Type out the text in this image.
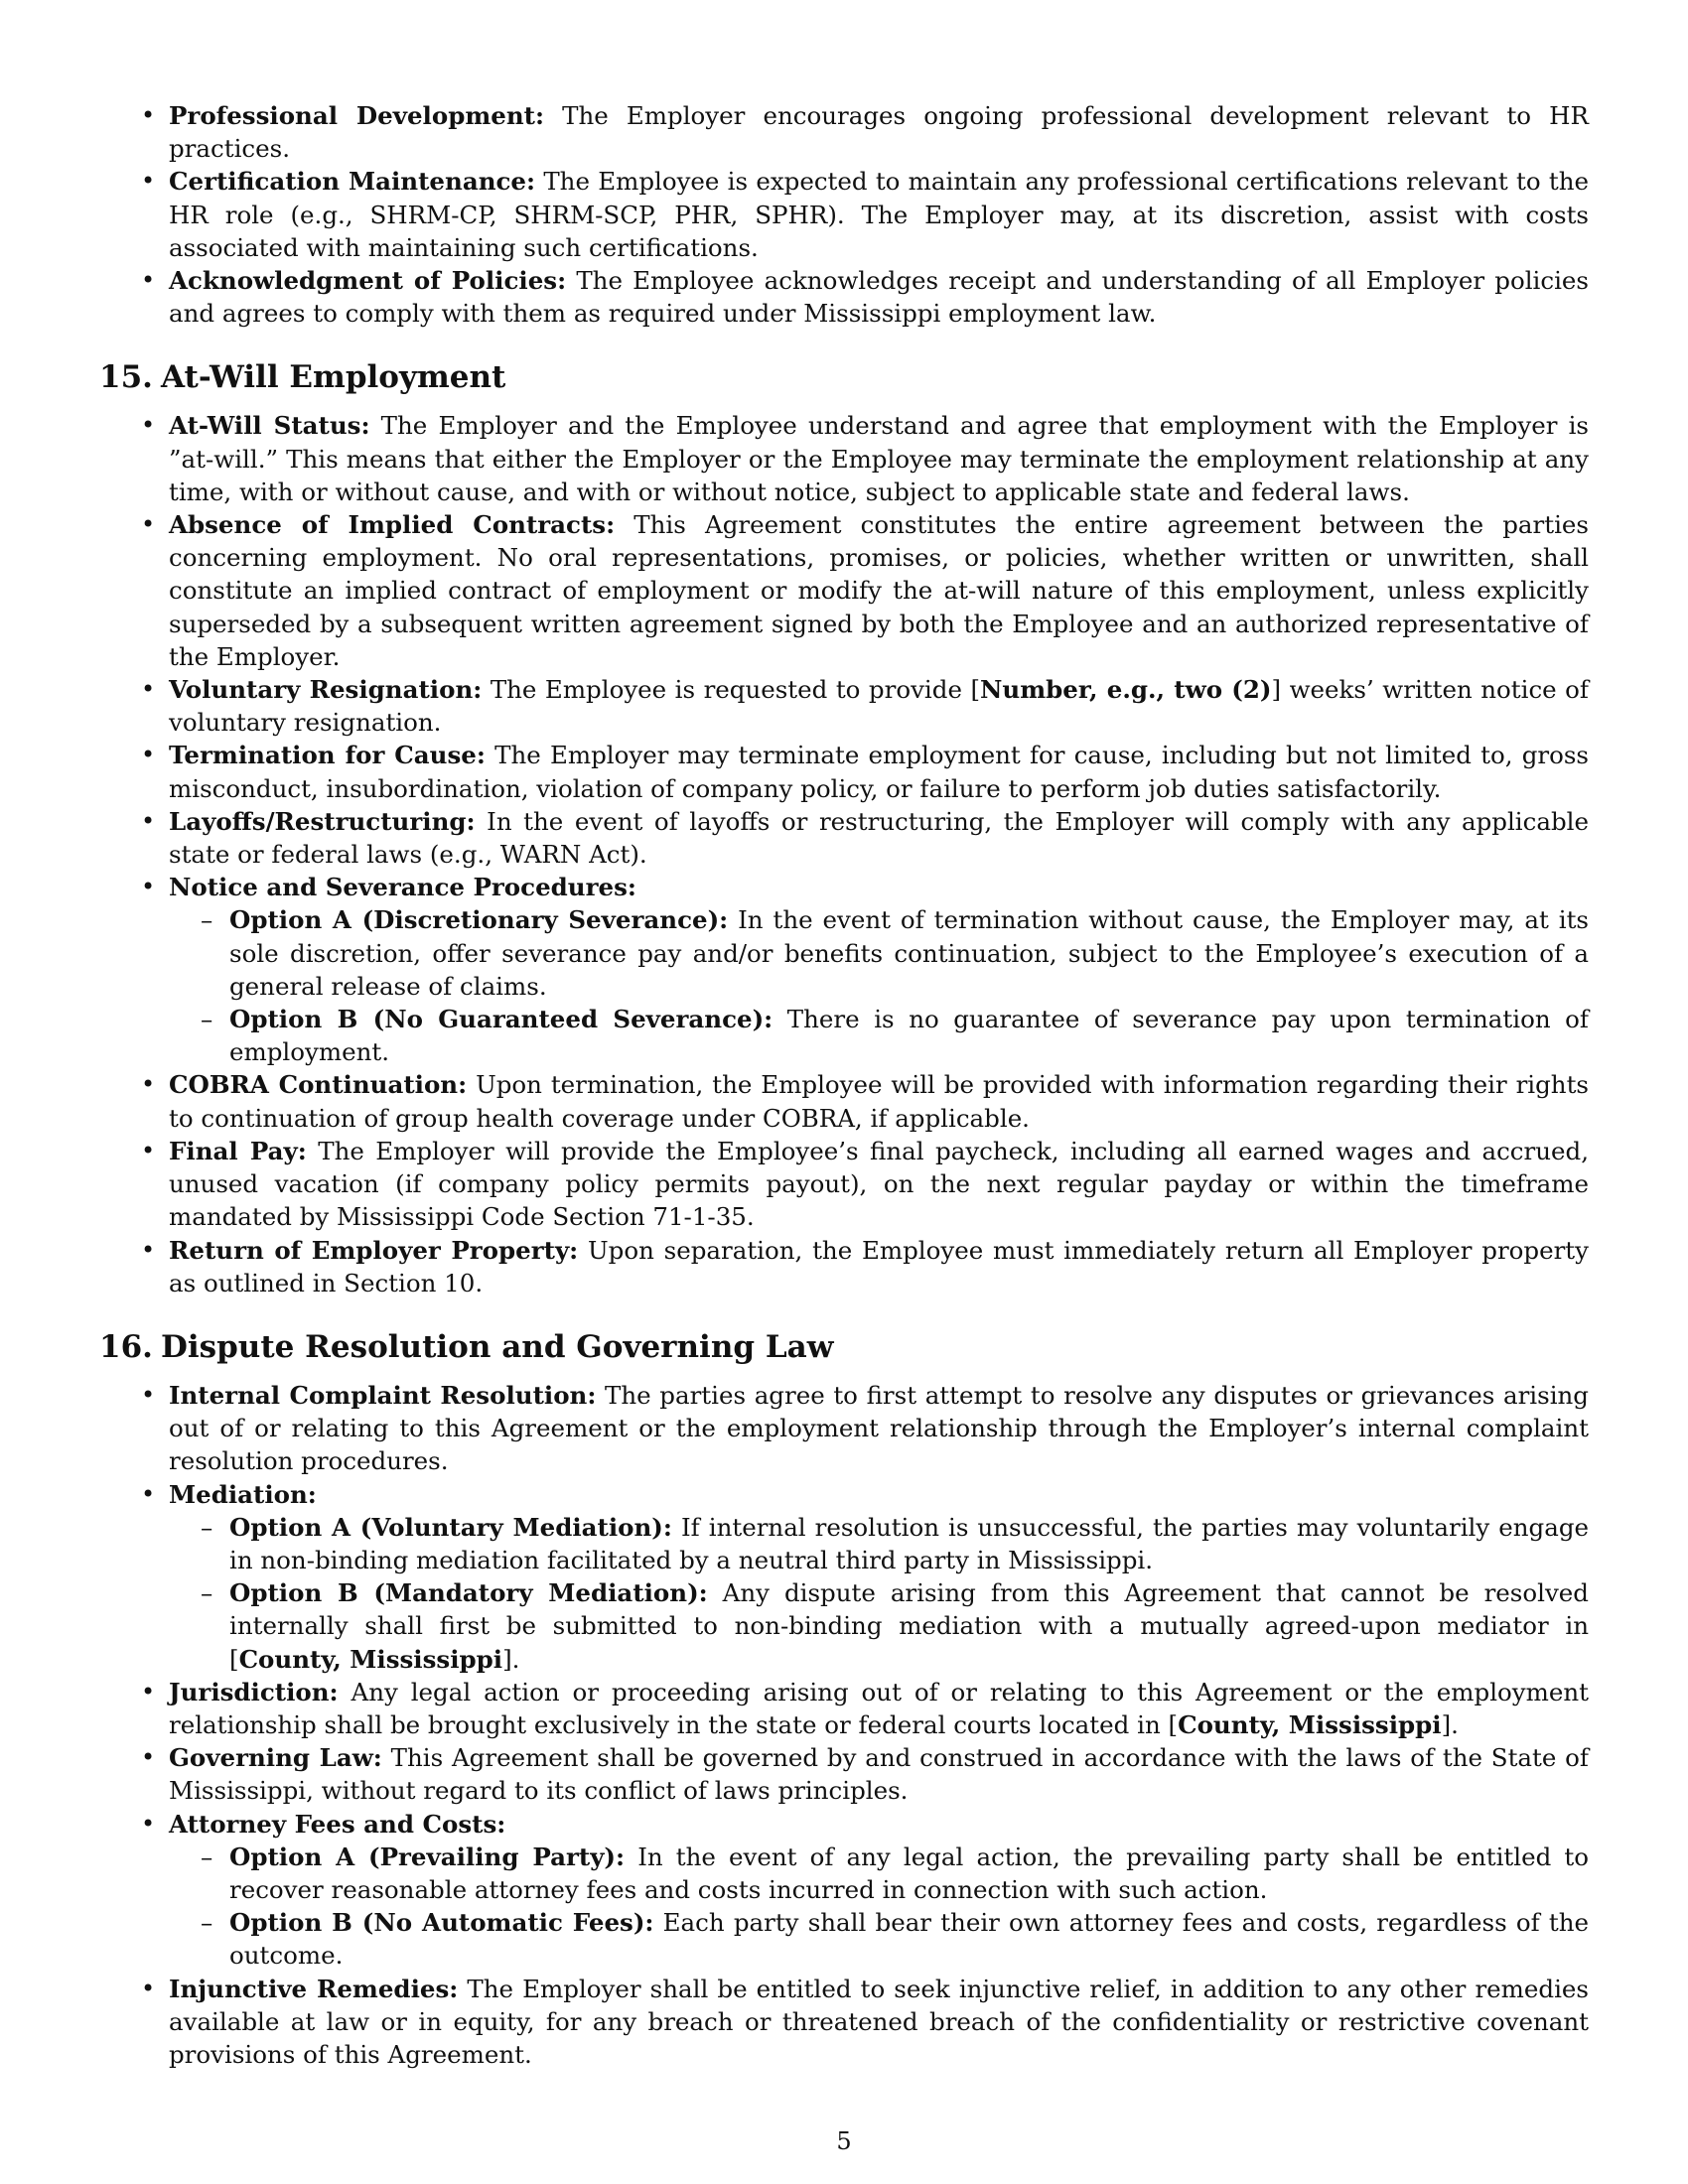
• Professional Development: The Employer encourages ongoing professional development relevant to HR practices.
• Certification Maintenance: The Employee is expected to maintain any professional certifications relevant to the HR role (e.g., SHRM-CP, SHRM-SCP, PHR, SPHR). The Employer may, at its discretion, assist with costs associated with maintaining such certifications.
• Acknowledgment of Policies: The Employee acknowledges receipt and understanding of all Employer policies and agrees to comply with them as required under Mississippi employment law.
15. At-Will Employment
• At-Will Status: The Employer and the Employee understand and agree that employment with the Employer is ”at-will.” This means that either the Employer or the Employee may terminate the employment relationship at any time, with or without cause, and with or without notice, subject to applicable state and federal laws.
• Absence of Implied Contracts: This Agreement constitutes the entire agreement between the parties concerning employment. No oral representations, promises, or policies, whether written or unwritten, shall constitute an implied contract of employment or modify the at-will nature of this employment, unless explicitly superseded by a subsequent written agreement signed by both the Employee and an authorized representative of the Employer.
• Voluntary Resignation: The Employee is requested to provide [Number, e.g., two (2)] weeks’ written notice of voluntary resignation.
• Termination for Cause: The Employer may terminate employment for cause, including but not limited to, gross misconduct, insubordination, violation of company policy, or failure to perform job duties satisfactorily.
• Layoffs/Restructuring: In the event of layoffs or restructuring, the Employer will comply with any applicable state or federal laws (e.g., WARN Act).
• Notice and Severance Procedures:
– Option A (Discretionary Severance): In the event of termination without cause, the Employer may, at its sole discretion, offer severance pay and/or benefits continuation, subject to the Employee’s execution of a general release of claims.
– Option B (No Guaranteed Severance): There is no guarantee of severance pay upon termination of employment.
• COBRA Continuation: Upon termination, the Employee will be provided with information regarding their rights to continuation of group health coverage under COBRA, if applicable.
• Final Pay: The Employer will provide the Employee’s final paycheck, including all earned wages and accrued, unused vacation (if company policy permits payout), on the next regular payday or within the timeframe mandated by Mississippi Code Section 71-1-35.
• Return of Employer Property: Upon separation, the Employee must immediately return all Employer property as outlined in Section 10.
16. Dispute Resolution and Governing Law
• Internal Complaint Resolution: The parties agree to first attempt to resolve any disputes or grievances arising out of or relating to this Agreement or the employment relationship through the Employer’s internal complaint resolution procedures.
• Mediation:
– Option A (Voluntary Mediation): If internal resolution is unsuccessful, the parties may voluntarily engage in non-binding mediation facilitated by a neutral third party in Mississippi.
– Option B (Mandatory Mediation): Any dispute arising from this Agreement that cannot be resolved internally shall first be submitted to non-binding mediation with a mutually agreed-upon mediator in [County, Mississippi].
• Jurisdiction: Any legal action or proceeding arising out of or relating to this Agreement or the employment relationship shall be brought exclusively in the state or federal courts located in [County, Mississippi].
• Governing Law: This Agreement shall be governed by and construed in accordance with the laws of the State of Mississippi, without regard to its conflict of laws principles.
• Attorney Fees and Costs:
– Option A (Prevailing Party): In the event of any legal action, the prevailing party shall be entitled to recover reasonable attorney fees and costs incurred in connection with such action.
– Option B (No Automatic Fees): Each party shall bear their own attorney fees and costs, regardless of the outcome.
• Injunctive Remedies: The Employer shall be entitled to seek injunctive relief, in addition to any other remedies available at law or in equity, for any breach or threatened breach of the confidentiality or restrictive covenant provisions of this Agreement.
5
